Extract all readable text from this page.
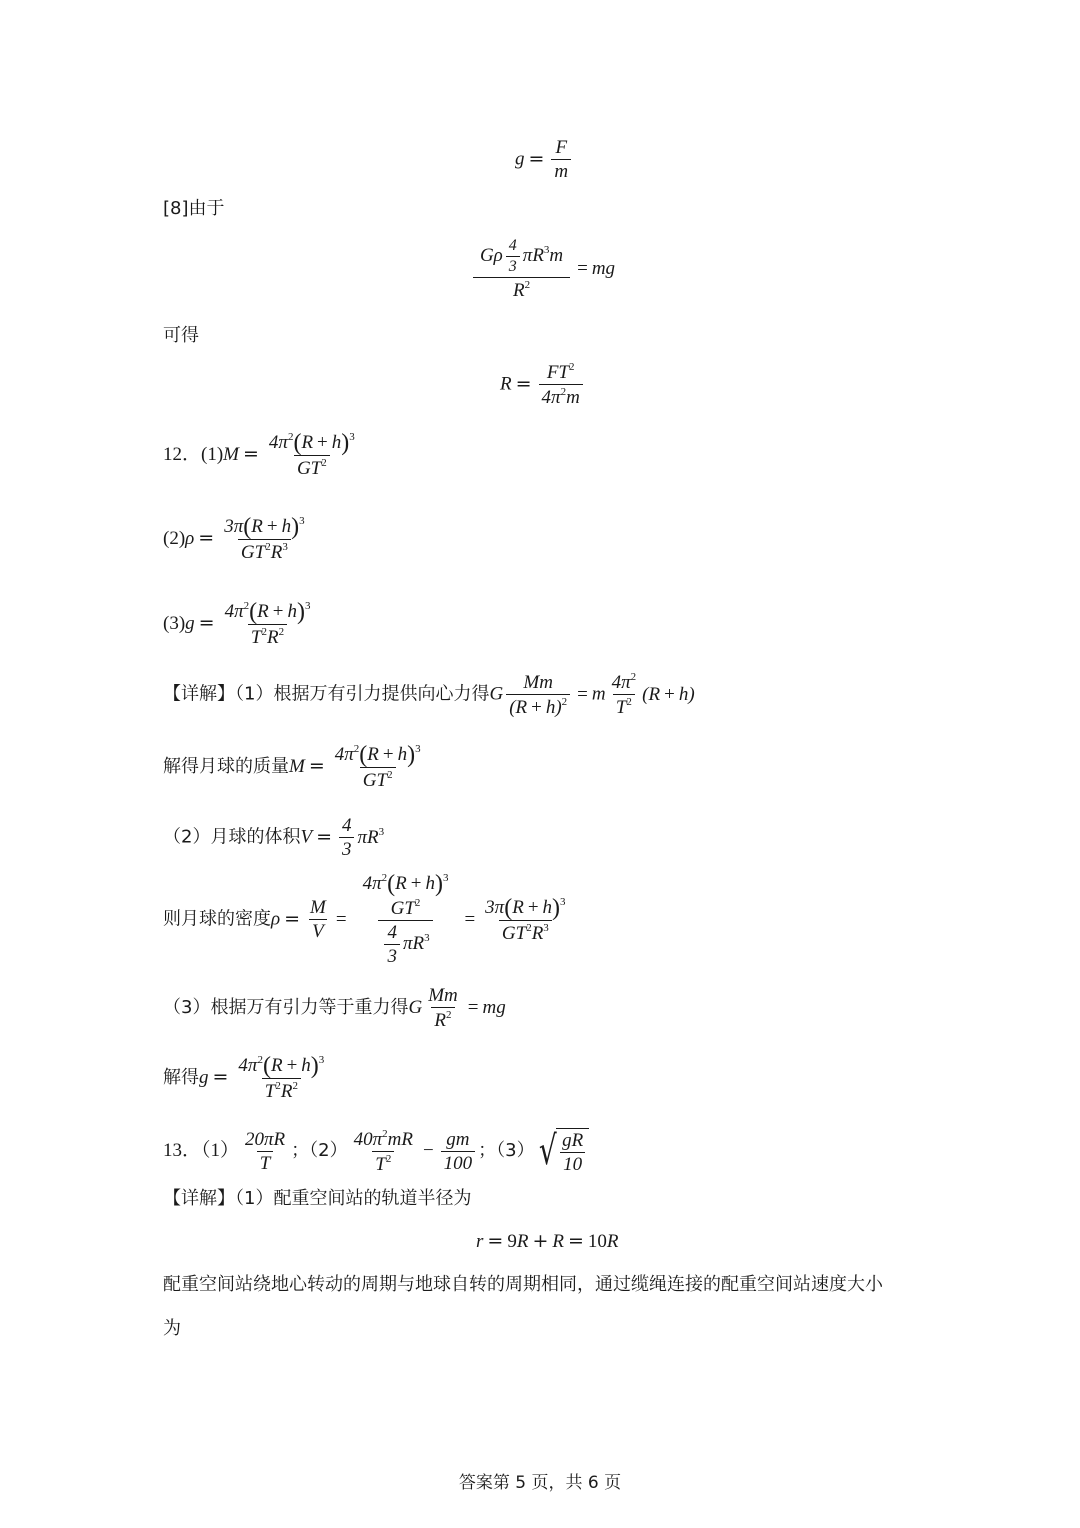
$g = \frac{F}{m}$
[8]由于
$\frac{G\rho \frac{4}{3} \pi R^3m}{R^2}$ = mg
可得
$R = \frac{FT^2}{4\pi^2m}$
12．$(1)M = \frac{4\pi^2(R + h)^3}{GT^2}$
$(2)\rho = \frac{3\pi(R + h)^3}{GT^2R^3}$
$(3)g = \frac{4\pi^2(R + h)^3}{T^2R^2}$
【详解】（1）根据万有引力提供向心力得G $\frac{Mm}{(R + h)^2} = m \frac{4\pi^2}{T^2} (R + h)$
解得月球的质量$M = \frac{4\pi^2(R + h)^3}{GT^2}$
（2）月球的体积$V = \frac{4}{3} \pi R^3$
则月球的密度$\rho = \frac{M}{V} = 4\pi^2(R + h)^3$
$GT^2$
$\frac{4}{3} \pi R^3 = \frac{3\pi(R + h)^3}{GT^2R^3}$
（3）根据万有引力等于重力得G $\frac{Mm}{R^2}$ = mg
解得$g = \frac{4\pi^2(R + h)^3}{T^2R^2}$
13．$(1) \frac{20\pi R}{T}$ ；$(2) \frac{40\pi^2mR}{T^2} - \frac{gm}{100}$ ；（3） √ $\frac{gR}{10}$
【详解】（1）配重空间站的轨道半径为
r = 9R + R = 10R
配重空间站绕地心转动的周期与地球自转的周期相同，通过缆绳连接的配重空间站速度大小
为
答案第 5 页，共 6 页
